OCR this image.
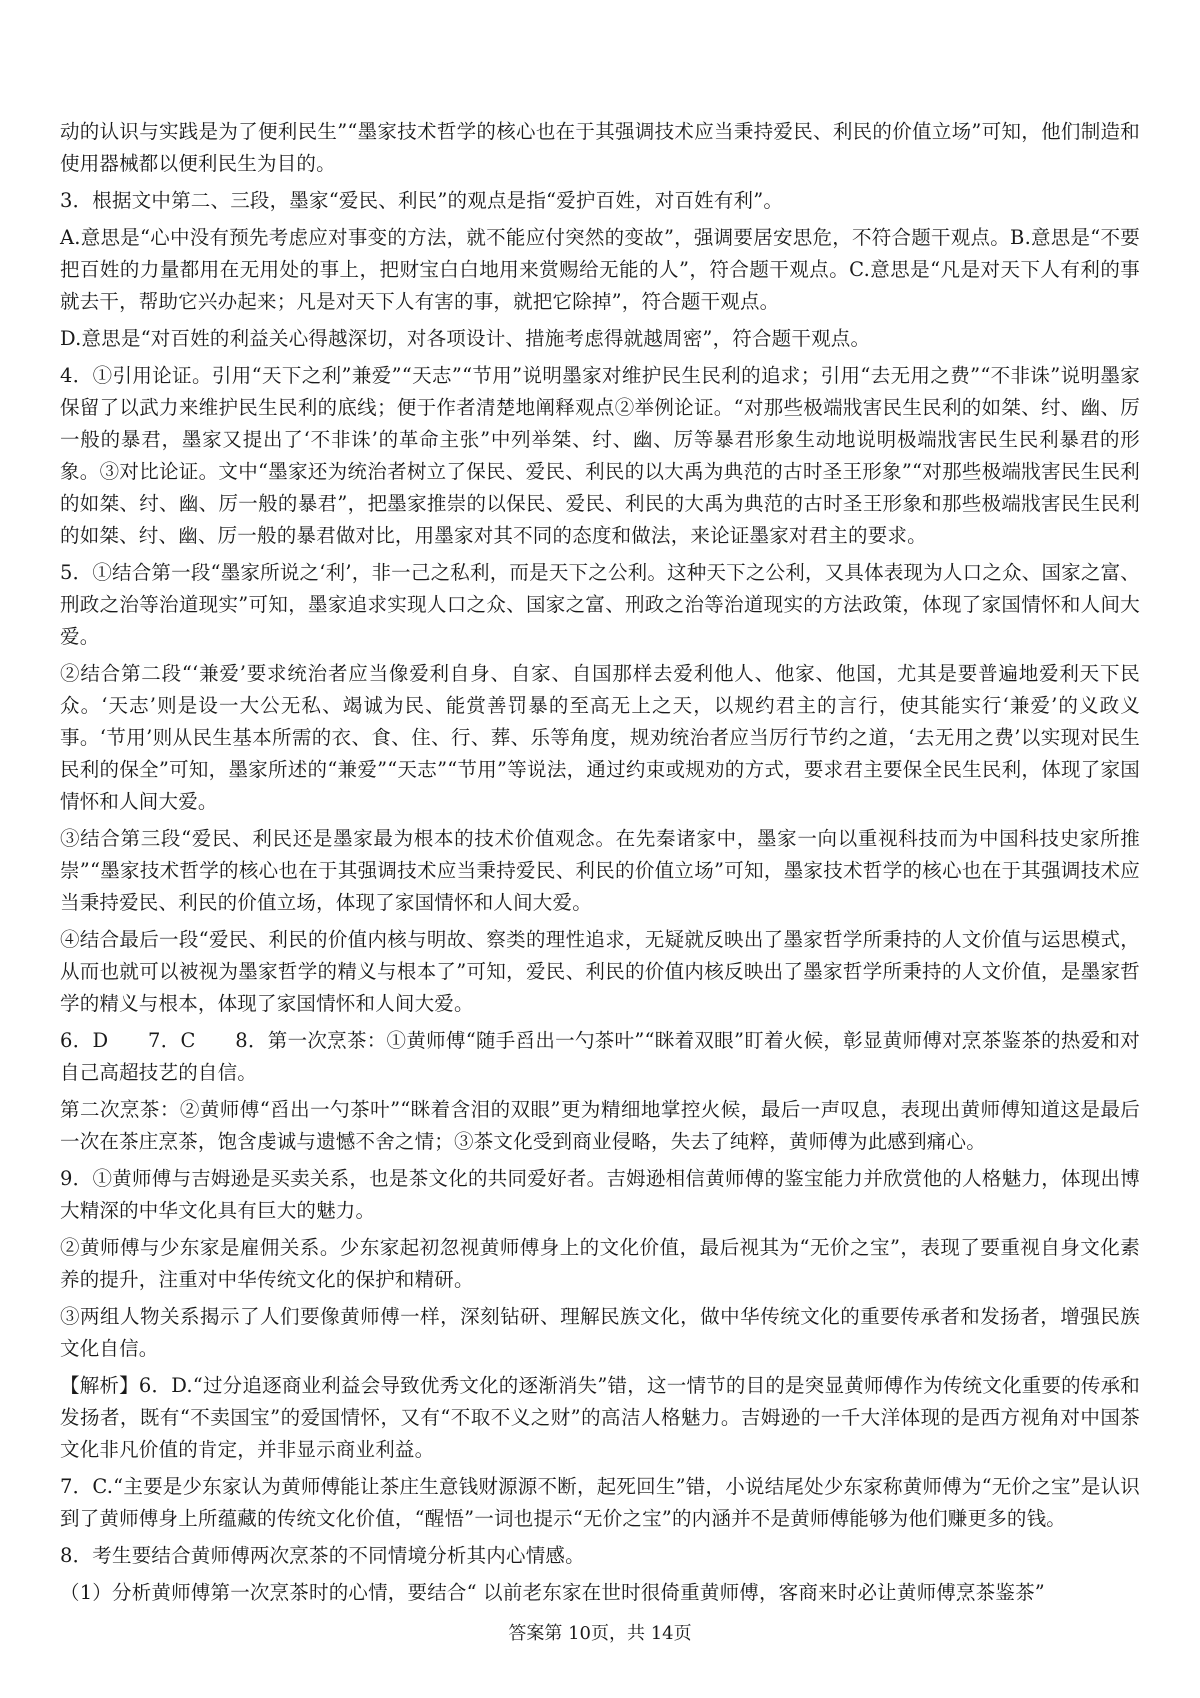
动的认识与实践是为了便利民生”“墨家技术哲学的核心也在于其强调技术应当秉持爱民、利民的价值立场”可知，他们制造和使用器械都以便利民生为目的。

3．根据文中第二、三段，墨家“爱民、利民”的观点是指“爱护百姓，对百姓有利”。

A.意思是“心中没有预先考虑应对事变的方法，就不能应付突然的变故”，强调要居安思危，不符合题干观点。B.意思是“不要把百姓的力量都用在无用处的事上，把财宝白白地用来赏赐给无能的人”，符合题干观点。C.意思是“凡是对天下人有利的事就去干，帮助它兴办起来；凡是对天下人有害的事，就把它除掉”，符合题干观点。

D.意思是“对百姓的利益关心得越深切，对各项设计、措施考虑得就越周密”，符合题干观点。

4．①引用论证。引用“天下之利”兼爱”“天志”“节用”说明墨家对维护民生民利的追求；引用“去无用之费”“不非诛”说明墨家保留了以武力来维护民生民利的底线；便于作者清楚地阐释观点②举例论证。“对那些极端戕害民生民利的如桀、纣、幽、厉一般的暴君，墨家又提出了‘不非诛’的革命主张”中列举桀、纣、幽、厉等暴君形象生动地说明极端戕害民生民利暴君的形象。③对比论证。文中“墨家还为统治者树立了保民、爱民、利民的以大禹为典范的古时圣王形象”“对那些极端戕害民生民利的如桀、纣、幽、厉一般的暴君”，把墨家推崇的以保民、爱民、利民的大禹为典范的古时圣王形象和那些极端戕害民生民利的如桀、纣、幽、厉一般的暴君做对比，用墨家对其不同的态度和做法，来论证墨家对君主的要求。

5．①结合第一段“墨家所说之‘利’，非一己之私利，而是天下之公利。这种天下之公利，又具体表现为人口之众、国家之富、刑政之治等治道现实”可知，墨家追求实现人口之众、国家之富、刑政之治等治道现实的方法政策，体现了家国情怀和人间大爱。

②结合第二段“‘兼爱’要求统治者应当像爱利自身、自家、自国那样去爱利他人、他家、他国，尤其是要普遍地爱利天下民众。‘天志’则是设一大公无私、竭诚为民、能赏善罚暴的至高无上之天，以规约君主的言行，使其能实行‘兼爱’的义政义事。‘节用’则从民生基本所需的衣、食、住、行、葬、乐等角度，规劝统治者应当厉行节约之道，‘去无用之费’以实现对民生民利的保全”可知，墨家所述的“兼爱”“天志”“节用”等说法，通过约束或规劝的方式，要求君主要保全民生民利，体现了家国情怀和人间大爱。

③结合第三段“爱民、利民还是墨家最为根本的技术价值观念。在先秦诸家中，墨家一向以重视科技而为中国科技史家所推崇”“墨家技术哲学的核心也在于其强调技术应当秉持爱民、利民的价值立场”可知，墨家技术哲学的核心也在于其强调技术应当秉持爱民、利民的价值立场，体现了家国情怀和人间大爱。

④结合最后一段“爱民、利民的价值内核与明故、察类的理性追求，无疑就反映出了墨家哲学所秉持的人文价值与运思模式，从而也就可以被视为墨家哲学的精义与根本了”可知，爱民、利民的价值内核反映出了墨家哲学所秉持的人文价值，是墨家哲学的精义与根本，体现了家国情怀和人间大爱。

6．D　　7．C　　8．第一次烹茶：①黄师傅“随手舀出一勺茶叶”“眯着双眼”盯着火候，彰显黄师傅对烹茶鉴茶的热爱和对自己高超技艺的自信。

第二次烹茶：②黄师傅“舀出一勺茶叶”“眯着含泪的双眼”更为精细地掌控火候，最后一声叹息，表现出黄师傅知道这是最后一次在茶庄烹茶，饱含虔诚与遗憾不舍之情；③茶文化受到商业侵略，失去了纯粹，黄师傅为此感到痛心。

9．①黄师傅与吉姆逊是买卖关系，也是茶文化的共同爱好者。吉姆逊相信黄师傅的鉴宝能力并欣赏他的人格魅力，体现出博大精深的中华文化具有巨大的魅力。

②黄师傅与少东家是雇佣关系。少东家起初忽视黄师傅身上的文化价值，最后视其为“无价之宝”，表现了要重视自身文化素养的提升，注重对中华传统文化的保护和精研。

③两组人物关系揭示了人们要像黄师傅一样，深刻钻研、理解民族文化，做中华传统文化的重要传承者和发扬者，增强民族文化自信。

【解析】6．D.“过分追逐商业利益会导致优秀文化的逐渐消失”错，这一情节的目的是突显黄师傅作为传统文化重要的传承和发扬者，既有“不卖国宝”的爱国情怀，又有“不取不义之财”的高洁人格魅力。吉姆逊的一千大洋体现的是西方视角对中国茶文化非凡价值的肯定，并非显示商业利益。

7．C.“主要是少东家认为黄师傅能让茶庄生意钱财源源不断，起死回生”错，小说结尾处少东家称黄师傅为“无价之宝”是认识到了黄师傅身上所蕴藏的传统文化价值，“醒悟”一词也提示“无价之宝”的内涵并不是黄师傅能够为他们赚更多的钱。

8．考生要结合黄师傅两次烹茶的不同情境分析其内心情感。

（1）分析黄师傅第一次烹茶时的心情，要结合“ 以前老东家在世时很倚重黄师傅，客商来时必让黄师傅烹茶鉴茶”

答案第 10页，共 14页
